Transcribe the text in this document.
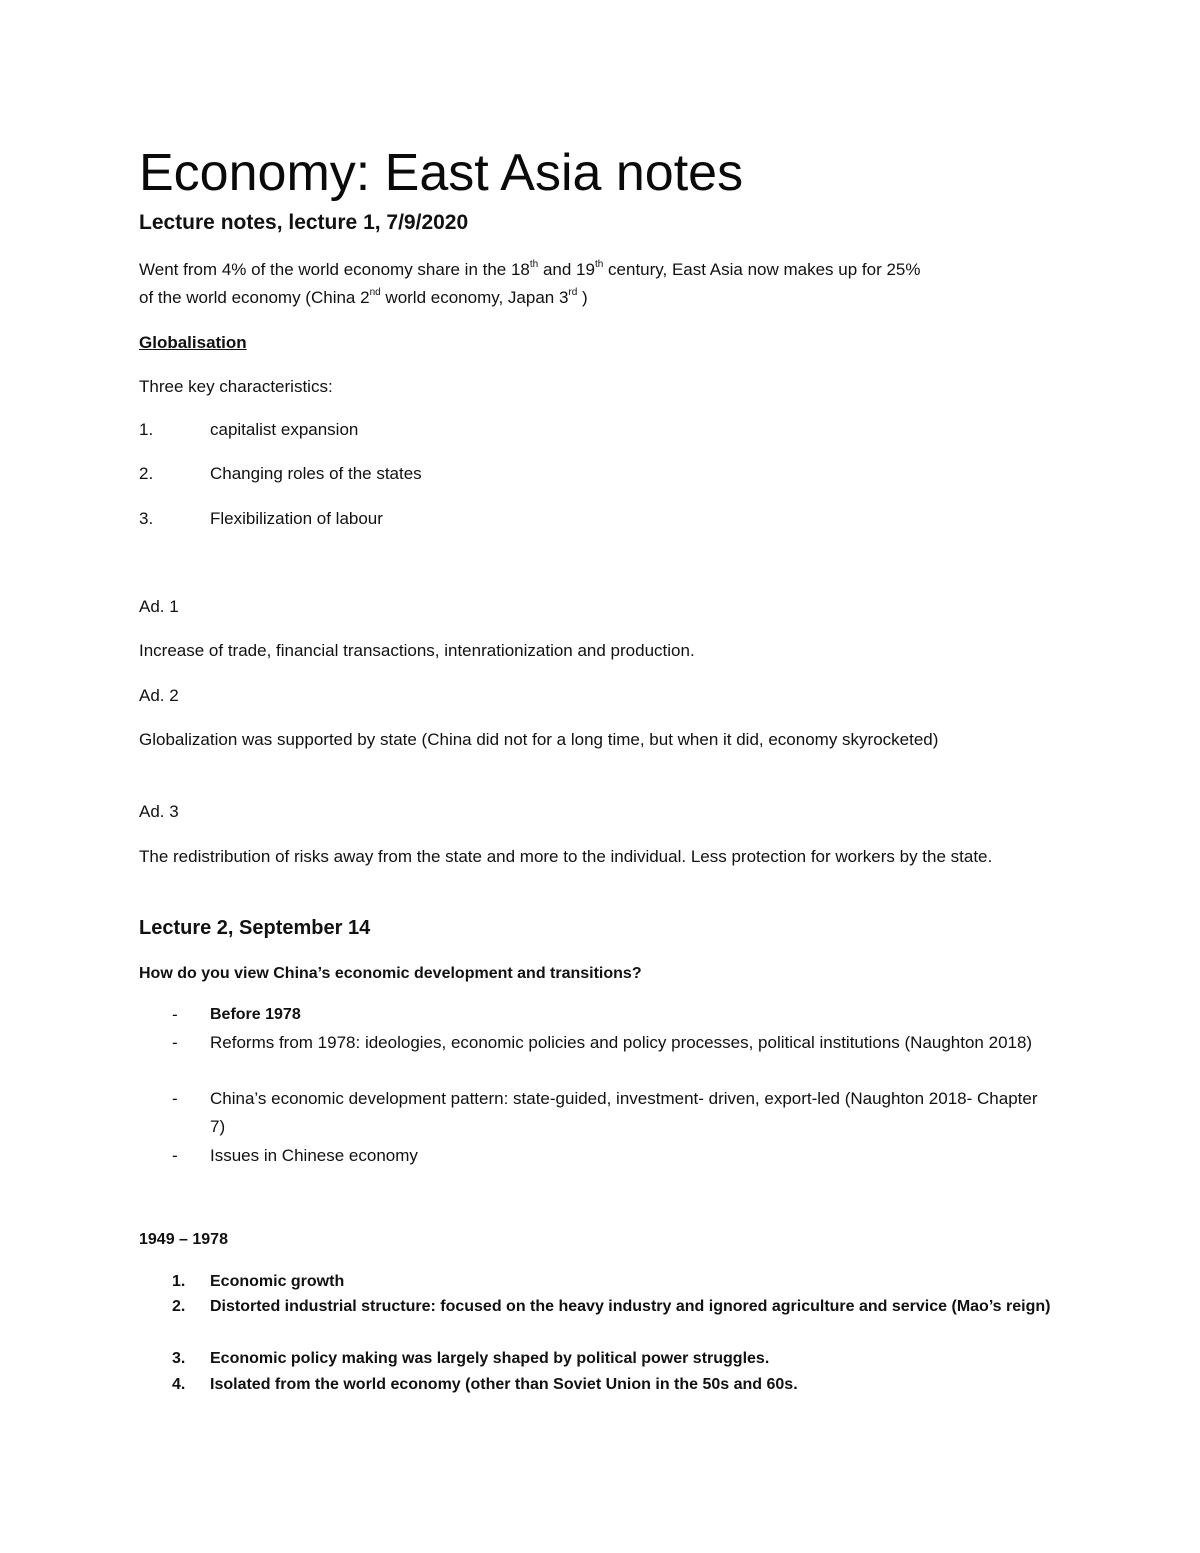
Economy: East Asia notes
Lecture notes, lecture 1, 7/9/2020
Went from 4% of the world economy share in the 18th and 19th century, East Asia now makes up for 25%
of the world economy (China 2nd world economy, Japan 3rd )
Globalisation
Three key characteristics:
1.	capitalist expansion
2.	Changing roles of the states
3.	Flexibilization of labour
Ad. 1
Increase of trade, financial transactions, intenrationization and production.
Ad. 2
Globalization was supported by state (China did not for a long time, but when it did, economy skyrocketed)
Ad. 3
The redistribution of risks away from the state and more to the individual. Less protection for workers by the state.
Lecture 2, September 14
How do you view China’s economic development and transitions?
- Before 1978
- Reforms from 1978: ideologies, economic policies and policy processes, political institutions (Naughton 2018)
- China’s economic development pattern: state-guided, investment- driven, export-led (Naughton 2018- Chapter 7)
- Issues in Chinese economy
1949 – 1978
1. Economic growth
2. Distorted industrial structure: focused on the heavy industry and ignored agriculture and service (Mao’s reign)
3. Economic policy making was largely shaped by political power struggles.
4. Isolated from the world economy (other than Soviet Union in the 50s and 60s.
